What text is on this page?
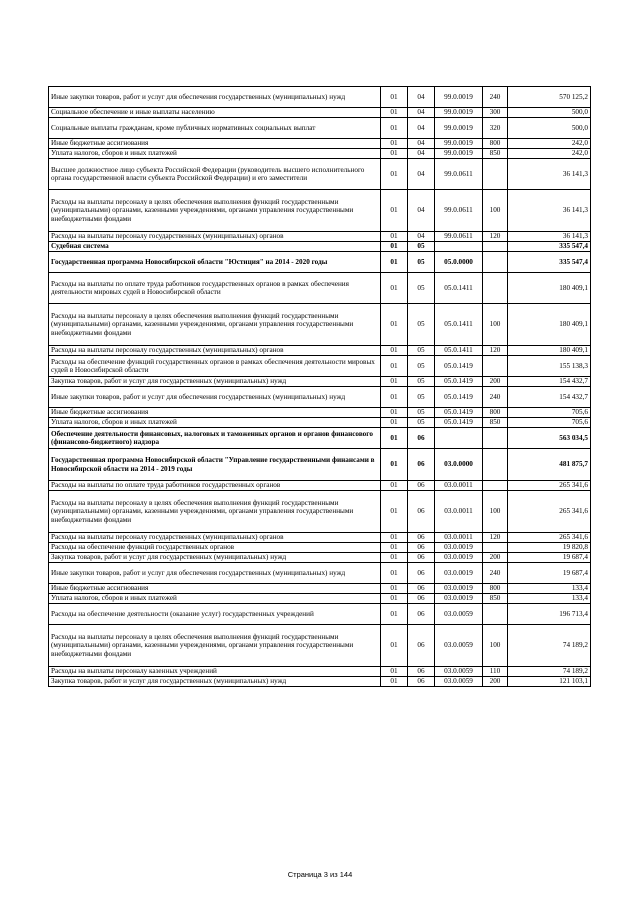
Иные закупки товаров, работ и услуг для обеспечения государственных (муниципальных) нужд	01	04	99.0.0019	240	570 125,2
Социальное обеспечение и иные выплаты населению	01	04	99.0.0019	300	500,0
Социальные выплаты гражданам, кроме публичных нормативных социальных выплат	01	04	99.0.0019	320	500,0
Иные бюджетные ассигнования	01	04	99.0.0019	800	242,0
Уплата налогов, сборов и иных платежей	01	04	99.0.0019	850	242,0
Высшее должностное лицо субъекта Российской Федерации (руководитель высшего исполнительного органа государственной власти субъекта Российской Федерации) и его заместители	01	04	99.0.0611		36 141,3
Расходы на выплаты персоналу в целях обеспечения выполнения функций государственными (муниципальными) органами, казенными учреждениями, органами управления государственными внебюджетными фондами	01	04	99.0.0611	100	36 141,3
Расходы на выплаты персоналу государственных (муниципальных) органов	01	04	99.0.0611	120	36 141,3
Судебная система	01	05			335 547,4
Государственная программа Новосибирской области "Юстиция" на 2014 - 2020 годы	01	05	05.0.0000		335 547,4
Расходы на выплаты по оплате труда работников государственных органов в рамках обеспечения деятельности мировых судей в Новосибирской области	01	05	05.0.1411		180 409,1
Расходы на выплаты персоналу в целях обеспечения выполнения функций государственными (муниципальными) органами, казенными учреждениями, органами управления государственными внебюджетными фондами	01	05	05.0.1411	100	180 409,1
Расходы на выплаты персоналу государственных (муниципальных) органов	01	05	05.0.1411	120	180 409,1
Расходы на обеспечение функций государственных органов в рамках обеспечения деятельности мировых судей в Новосибирской области	01	05	05.0.1419		155 138,3
Закупка товаров, работ и услуг для государственных (муниципальных) нужд	01	05	05.0.1419	200	154 432,7
Иные закупки товаров, работ и услуг для обеспечения государственных (муниципальных) нужд	01	05	05.0.1419	240	154 432,7
Иные бюджетные ассигнования	01	05	05.0.1419	800	705,6
Уплата налогов, сборов и иных платежей	01	05	05.0.1419	850	705,6
Обеспечение деятельности финансовых, налоговых и таможенных органов и органов финансового (финансово-бюджетного) надзора	01	06			563 034,5
Государственная программа Новосибирской области "Управление государственными финансами в Новосибирской области на 2014 - 2019 годы	01	06	03.0.0000		481 875,7
Расходы на выплаты по оплате труда работников государственных органов	01	06	03.0.0011		265 341,6
Расходы на выплаты персоналу в целях обеспечения выполнения функций государственными (муниципальными) органами, казенными учреждениями, органами управления государственными внебюджетными фондами	01	06	03.0.0011	100	265 341,6
Расходы на выплаты персоналу государственных (муниципальных) органов	01	06	03.0.0011	120	265 341,6
Расходы на обеспечение функций государственных органов	01	06	03.0.0019		19 820,8
Закупка товаров, работ и услуг для государственных (муниципальных) нужд	01	06	03.0.0019	200	19 687,4
Иные закупки товаров, работ и услуг для обеспечения государственных (муниципальных) нужд	01	06	03.0.0019	240	19 687,4
Иные бюджетные ассигнования	01	06	03.0.0019	800	133,4
Уплата налогов, сборов и иных платежей	01	06	03.0.0019	850	133,4
Расходы на обеспечение деятельности (оказание услуг) государственных учреждений	01	06	03.0.0059		196 713,4
Расходы на выплаты персоналу в целях обеспечения выполнения функций государственными (муниципальными) органами, казенными учреждениями, органами управления государственными внебюджетными фондами	01	06	03.0.0059	100	74 189,2
Расходы на выплаты персоналу казенных учреждений	01	06	03.0.0059	110	74 189,2
Закупка товаров, работ и услуг для государственных (муниципальных) нужд	01	06	03.0.0059	200	121 103,1
Страница 3 из 144
